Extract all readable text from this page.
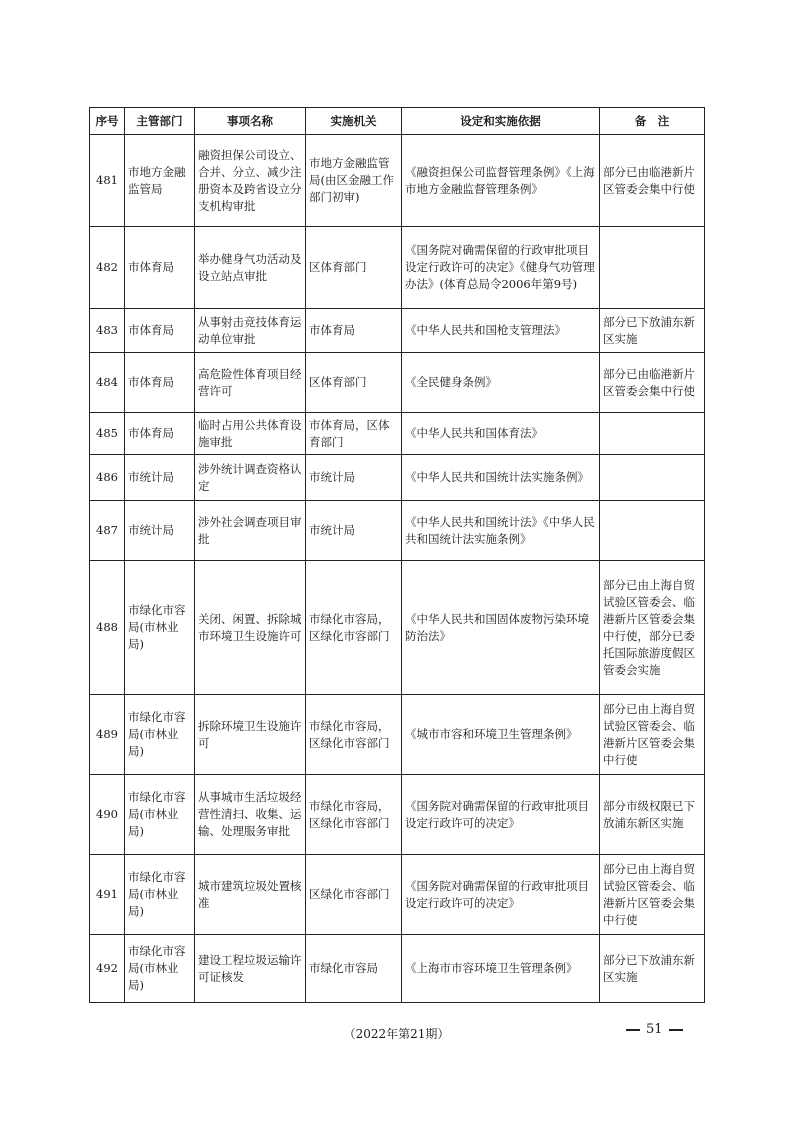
序号	主管部门	事项名称	实施机关	设定和实施依据	备　注
481	市地方金融监管局	融资担保公司设立、合并、分立、减少注册资本及跨省设立分支机构审批	市地方金融监管局(由区金融工作部门初审)	《融资担保公司监督管理条例》《上海市地方金融监督管理条例》	部分已由临港新片区管委会集中行使
482	市体育局	举办健身气功活动及设立站点审批	区体育部门	《国务院对确需保留的行政审批项目设定行政许可的决定》《健身气功管理办法》(体育总局令2006年第9号)	
483	市体育局	从事射击竞技体育运动单位审批	市体育局	《中华人民共和国枪支管理法》	部分已下放浦东新区实施
484	市体育局	高危险性体育项目经营许可	区体育部门	《全民健身条例》	部分已由临港新片区管委会集中行使
485	市体育局	临时占用公共体育设施审批	市体育局，区体育部门	《中华人民共和国体育法》	
486	市统计局	涉外统计调查资格认定	市统计局	《中华人民共和国统计法实施条例》	
487	市统计局	涉外社会调查项目审批	市统计局	《中华人民共和国统计法》《中华人民共和国统计法实施条例》	
488	市绿化市容局(市林业局)	关闭、闲置、拆除城市环境卫生设施许可	市绿化市容局，区绿化市容部门	《中华人民共和国固体废物污染环境防治法》	部分已由上海自贸试验区管委会、临港新片区管委会集中行使，部分已委托国际旅游度假区管委会实施
489	市绿化市容局(市林业局)	拆除环境卫生设施许可	市绿化市容局，区绿化市容部门	《城市市容和环境卫生管理条例》	部分已由上海自贸试验区管委会、临港新片区管委会集中行使
490	市绿化市容局(市林业局)	从事城市生活垃圾经营性清扫、收集、运输、处理服务审批	市绿化市容局，区绿化市容部门	《国务院对确需保留的行政审批项目设定行政许可的决定》	部分市级权限已下放浦东新区实施
491	市绿化市容局(市林业局)	城市建筑垃圾处置核准	区绿化市容部门	《国务院对确需保留的行政审批项目设定行政许可的决定》	部分已由上海自贸试验区管委会、临港新片区管委会集中行使
492	市绿化市容局(市林业局)	建设工程垃圾运输许可证核发	市绿化市容局	《上海市市容环境卫生管理条例》	部分已下放浦东新区实施
（2022年第21期）	51
